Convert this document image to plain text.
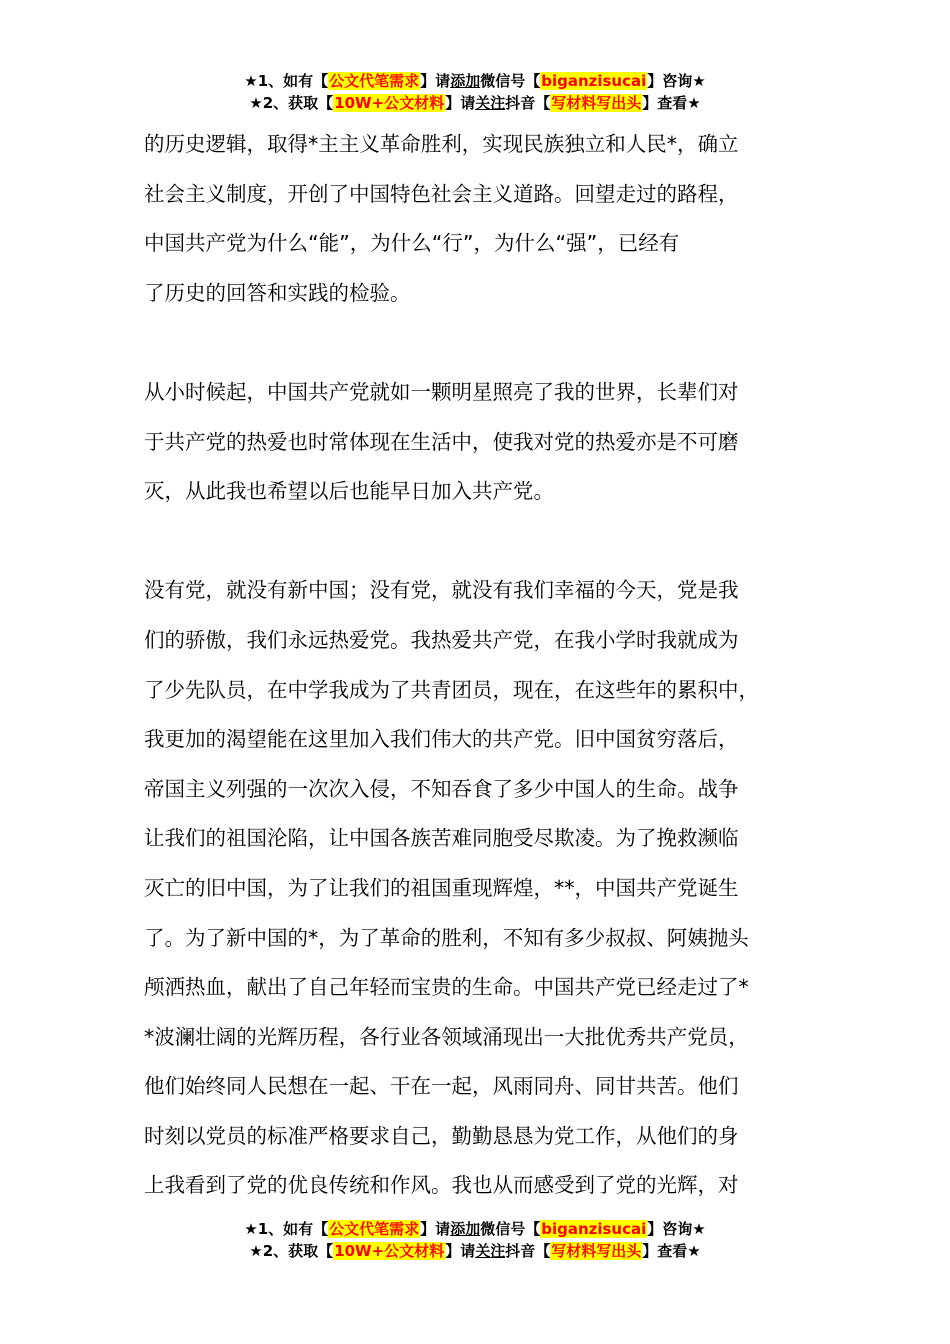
★1、如有【公文代笔需求】请添加微信号【biganzisucai】咨询★
★2、获取【10W+公文材料】请关注抖音【写材料写出头】查看★
的历史逻辑，取得*主主义革命胜利，实现民族独立和人民*，确立
社会主义制度，开创了中国特色社会主义道路。回望走过的路程，
中国共产党为什么“能”，为什么“行”，为什么“强”，已经有
了历史的回答和实践的检验。
从小时候起，中国共产党就如一颗明星照亮了我的世界，长辈们对
于共产党的热爱也时常体现在生活中，使我对党的热爱亦是不可磨
灭，从此我也希望以后也能早日加入共产党。
没有党，就没有新中国；没有党，就没有我们幸福的今天，党是我
们的骄傲，我们永远热爱党。我热爱共产党，在我小学时我就成为
了少先队员，在中学我成为了共青团员，现在，在这些年的累积中，
我更加的渴望能在这里加入我们伟大的共产党。旧中国贫穷落后，
帝国主义列强的一次次入侵，不知吞食了多少中国人的生命。战争
让我们的祖国沦陷，让中国各族苦难同胞受尽欺凌。为了挽救濒临
灭亡的旧中国，为了让我们的祖国重现辉煌，**，中国共产党诞生
了。为了新中国的*，为了革命的胜利，不知有多少叔叔、阿姨抛头
颅洒热血，献出了自己年轻而宝贵的生命。中国共产党已经走过了*
*波澜壮阔的光辉历程，各行业各领域涌现出一大批优秀共产党员，
他们始终同人民想在一起、干在一起，风雨同舟、同甘共苦。他们
时刻以党员的标准严格要求自己，勤勤恳恳为党工作，从他们的身
上我看到了党的优良传统和作风。我也从而感受到了党的光辉，对
★1、如有【公文代笔需求】请添加微信号【biganzisucai】咨询★
★2、获取【10W+公文材料】请关注抖音【写材料写出头】查看★
